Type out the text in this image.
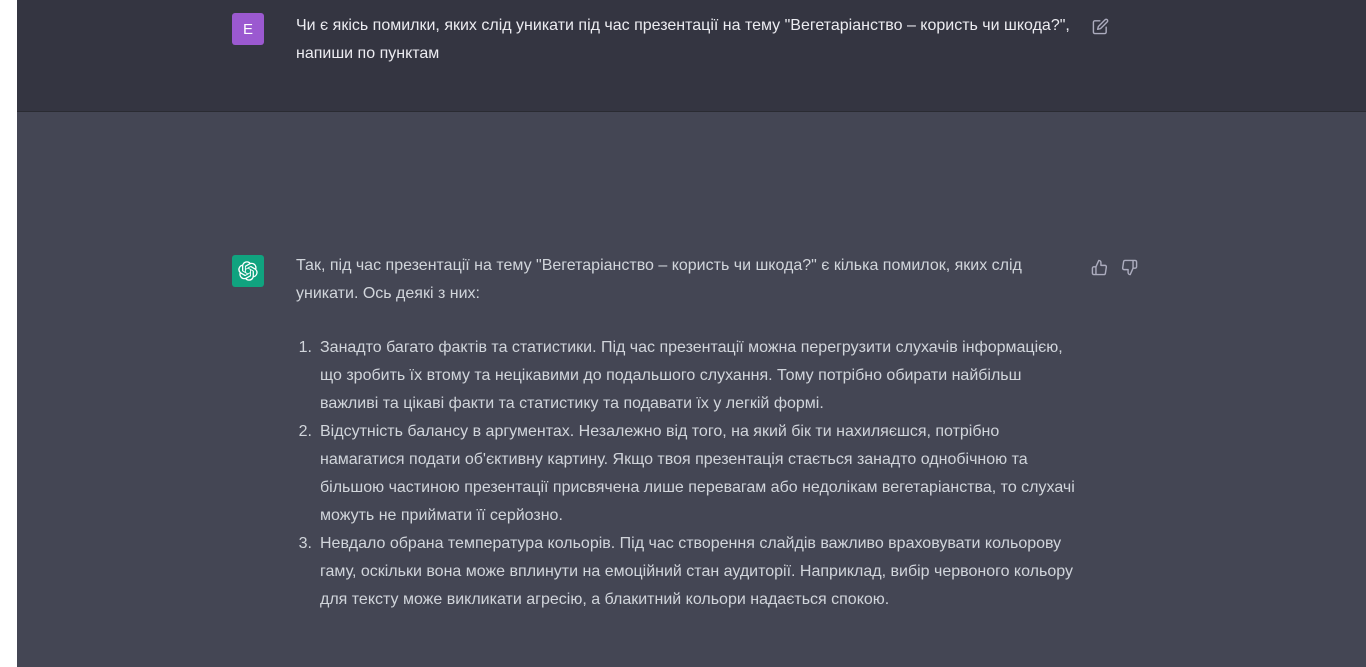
E	Чи є якісь помилки, яких слід уникати під час презентації на тему "Вегетаріанство – користь чи шкода?", напиши по пунктам

Так, під час презентації на тему "Вегетаріанство – користь чи шкода?" є кілька помилок, яких слід уникати. Ось деякі з них:

Занадто багато фактів та статистики. Під час презентації можна перегрузити слухачів інформацією, що зробить їх втому та нецікавими до подальшого слухання. Тому потрібно обирати найбільш важливі та цікаві факти та статистику та подавати їх у легкій формі.
Відсутність балансу в аргументах. Незалежно від того, на який бік ти нахиляєшся, потрібно намагатися подати об'єктивну картину. Якщо твоя презентація стається занадто однобічною та більшою частиною презентації присвячена лише перевагам або недолікам вегетаріанства, то слухачі можуть не приймати її серйозно.
Невдало обрана температура кольорів. Під час створення слайдів важливо враховувати кольорову гаму, оскільки вона може вплинути на емоційний стан аудиторії. Наприклад, вибір червоного кольору для тексту може викликати агресію, а блакитний кольори надається спокою.
